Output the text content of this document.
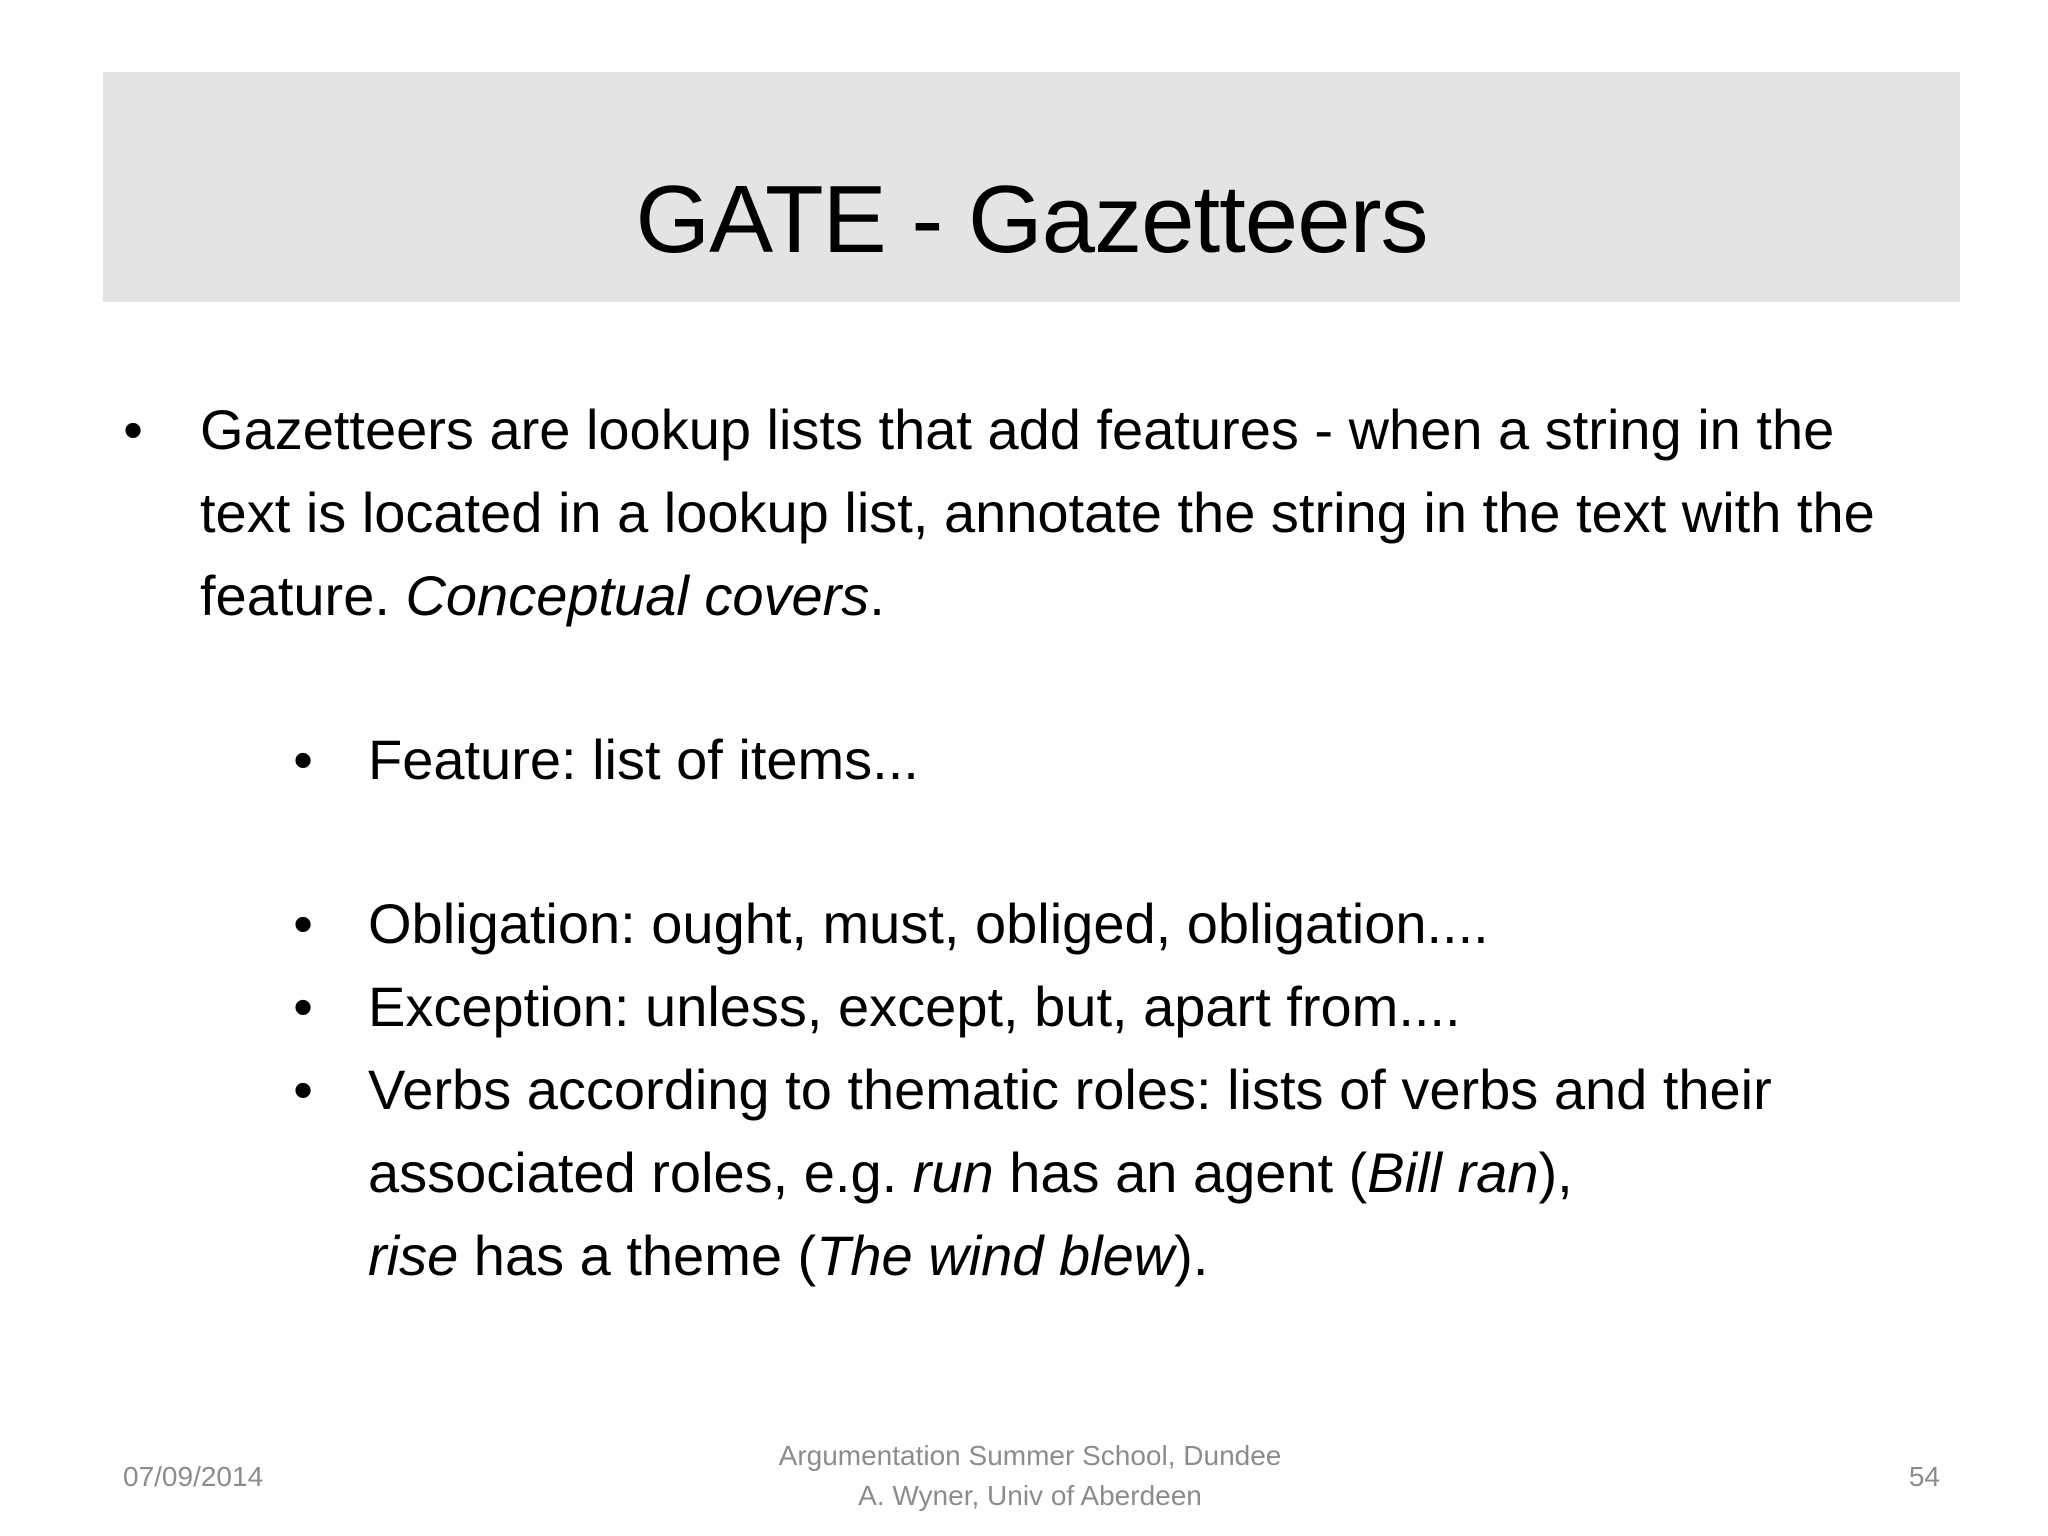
GATE - Gazetteers
• Gazetteers are lookup lists that add features - when a string in the text is located in a lookup list, annotate the string in the text with the feature. Conceptual covers.
• Feature: list of items...
• Obligation: ought, must, obliged, obligation....
• Exception: unless, except, but, apart from....
• Verbs according to thematic roles: lists of verbs and their associated roles, e.g. run has an agent (Bill ran),
rise has a theme (The wind blew).
07/09/2014
Argumentation Summer School, Dundee
A. Wyner, Univ of Aberdeen
54
